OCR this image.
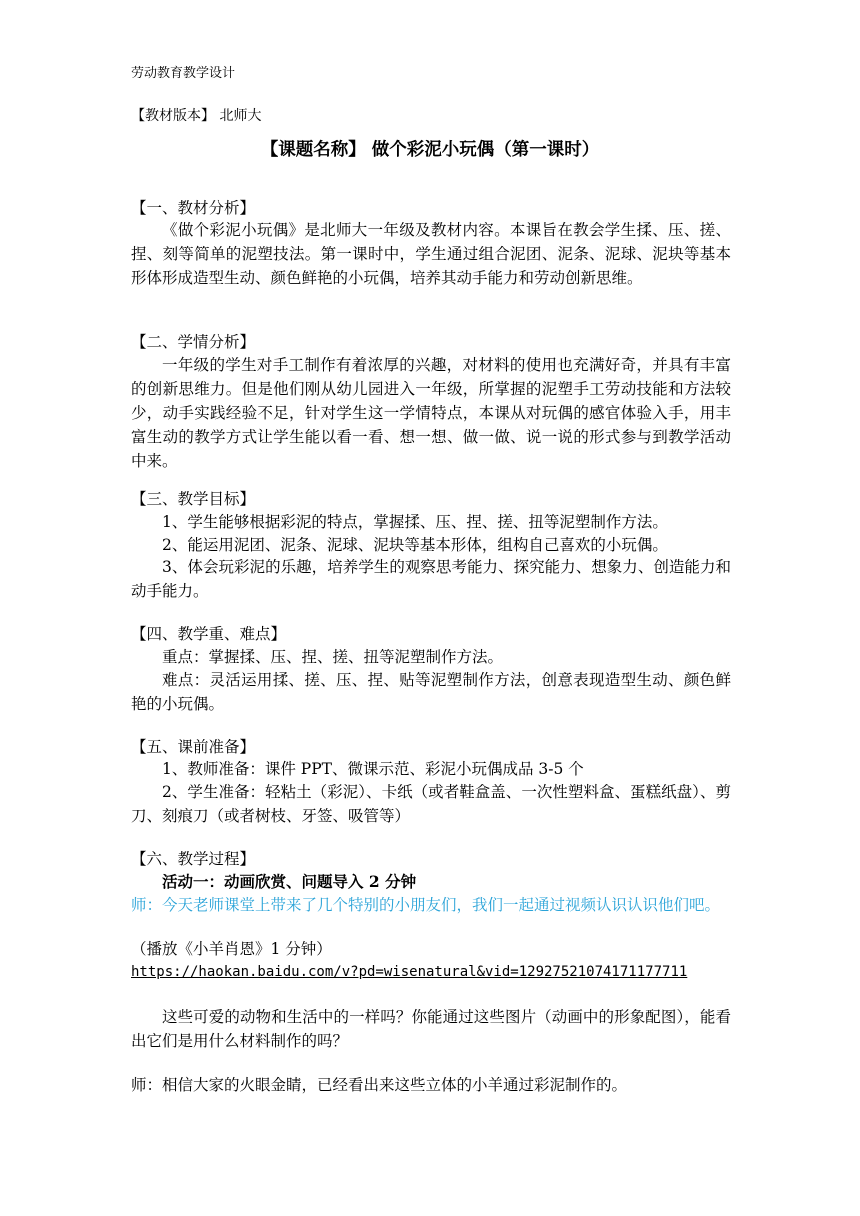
劳动教育教学设计
【教材版本】 北师大
【课题名称】 做个彩泥小玩偶（第一课时）
【一、教材分析】
《做个彩泥小玩偶》是北师大一年级及教材内容。本课旨在教会学生揉、压、搓、捏、刻等简单的泥塑技法。第一课时中，学生通过组合泥团、泥条、泥球、泥块等基本形体形成造型生动、颜色鲜艳的小玩偶，培养其动手能力和劳动创新思维。
【二、学情分析】
一年级的学生对手工制作有着浓厚的兴趣，对材料的使用也充满好奇，并具有丰富的创新思维力。但是他们刚从幼儿园进入一年级，所掌握的泥塑手工劳动技能和方法较少，动手实践经验不足，针对学生这一学情特点，本课从对玩偶的感官体验入手，用丰富生动的教学方式让学生能以看一看、想一想、做一做、说一说的形式参与到教学活动中来。
【三、教学目标】
1、学生能够根据彩泥的特点，掌握揉、压、捏、搓、扭等泥塑制作方法。
2、能运用泥团、泥条、泥球、泥块等基本形体，组构自己喜欢的小玩偶。
3、体会玩彩泥的乐趣，培养学生的观察思考能力、探究能力、想象力、创造能力和动手能力。
【四、教学重、难点】
重点：掌握揉、压、捏、搓、扭等泥塑制作方法。
难点：灵活运用揉、搓、压、捏、贴等泥塑制作方法，创意表现造型生动、颜色鲜艳的小玩偶。
【五、课前准备】
1、教师准备：课件 PPT、微课示范、彩泥小玩偶成品 3-5 个
2、学生准备：轻粘土（彩泥）、卡纸（或者鞋盒盖、一次性塑料盒、蛋糕纸盘）、剪刀、刻痕刀（或者树枝、牙签、吸管等）
【六、教学过程】
活动一：动画欣赏、问题导入 2 分钟
师：今天老师课堂上带来了几个特别的小朋友们，我们一起通过视频认识认识他们吧。
（播放《小羊肖恩》1 分钟）
https://haokan.baidu.com/v?pd=wisenatural&vid=12927521074171177711
这些可爱的动物和生活中的一样吗？你能通过这些图片（动画中的形象配图），能看出它们是用什么材料制作的吗？
师：相信大家的火眼金睛，已经看出来这些立体的小羊通过彩泥制作的。
